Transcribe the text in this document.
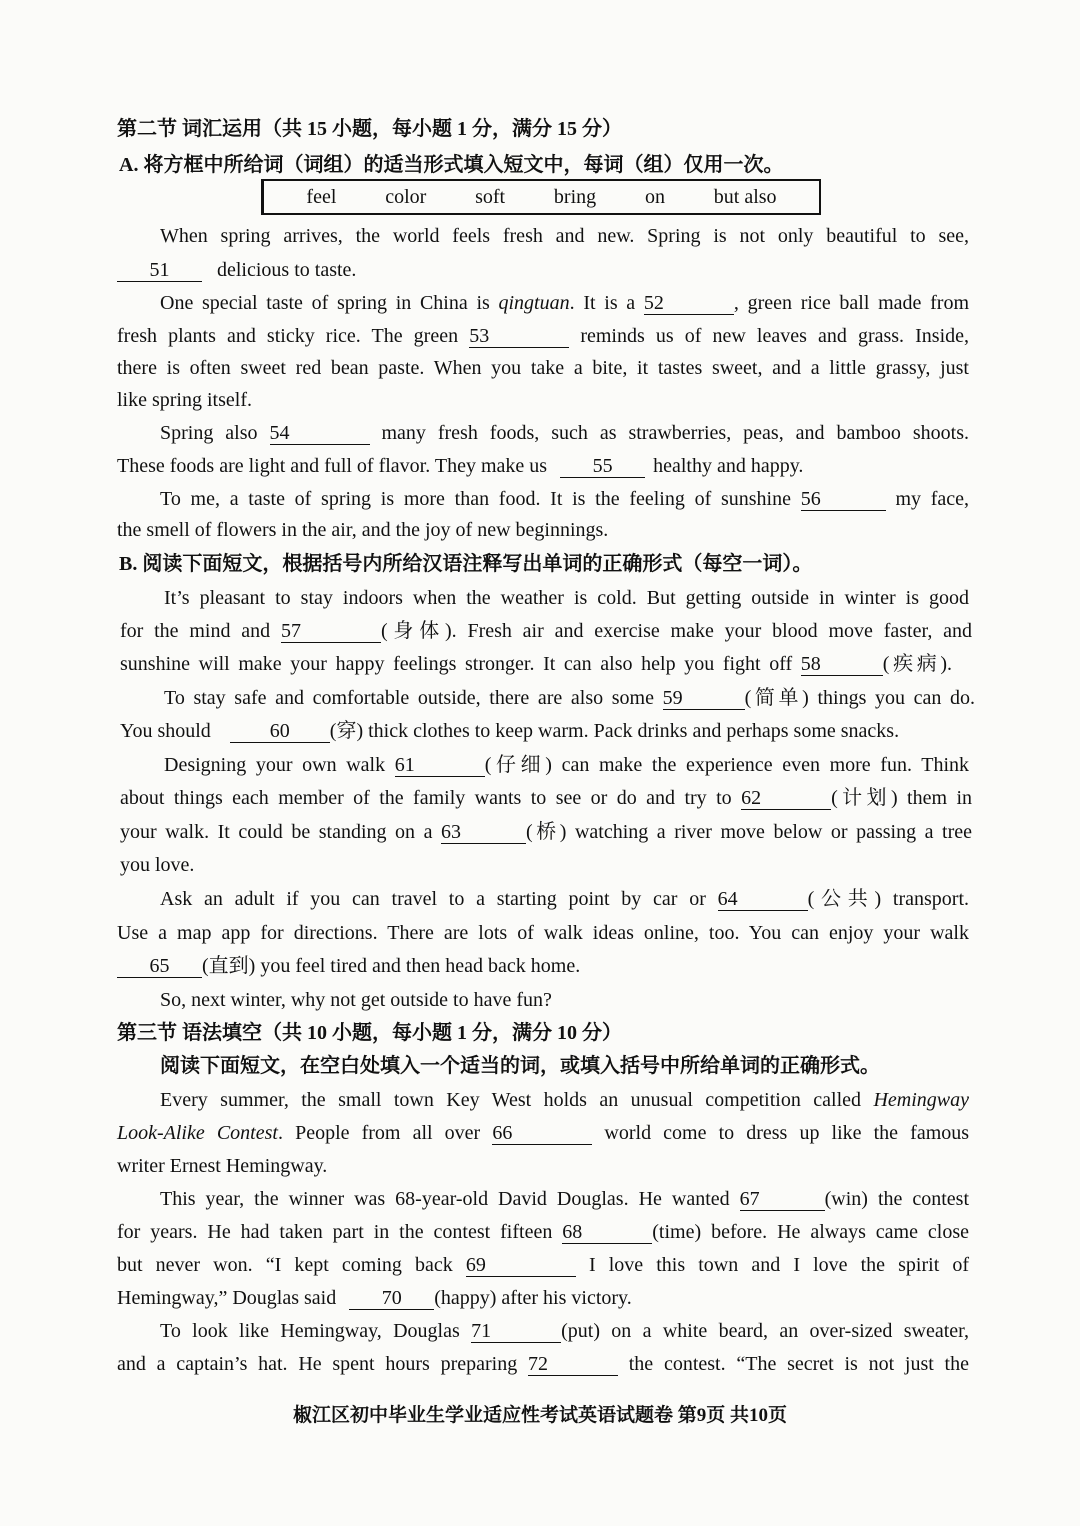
第二节 词汇运用（共 15 小题，每小题 1 分，满分 15 分）
A. 将方框中所给词（词组）的适当形式填入短文中，每词（组）仅用一次。
feel color soft bring on but also
When spring arrives, the world feels fresh and new. Spring is not only beautiful to see,
51 delicious to taste.
One special taste of spring in China is qingtuan. It is a 52	, green rice ball made from
fresh plants and sticky rice. The green 53	reminds us of new leaves and grass. Inside,
there is often sweet red bean paste. When you take a bite, it tastes sweet, and a little grassy, just
like spring itself.
Spring also 54	many fresh foods, such as strawberries, peas, and bamboo shoots.
These foods are light and full of flavor. They make us 55 healthy and happy.
To me, a taste of spring is more than food. It is the feeling of sunshine 56	my face,
the smell of flowers in the air, and the joy of new beginnings.
B. 阅读下面短文，根据括号内所给汉语注释写出单词的正确形式（每空一词）。
It’s pleasant to stay indoors when the weather is cold. But getting outside in winter is good
for the mind and 57	(身体). Fresh air and exercise make your blood move faster, and
sunshine will make your happy feelings stronger. It can also help you fight off 58	(疾病).
To stay safe and comfortable outside, there are also some 59	(简单) things you can do.
You should	60 (穿) thick clothes to keep warm. Pack drinks and perhaps some snacks.
Designing your own walk 61	(仔细) can make the experience even more fun. Think
about things each member of the family wants to see or do and try to 62	(计划) them in
your walk. It could be standing on a 63	(桥) watching a river move below or passing a tree
you love.
Ask an adult if you can travel to a starting point by car or 64	(公共) transport.
Use a map app for directions. There are lots of walk ideas online, too. You can enjoy your walk
65 (直到) you feel tired and then head back home.
So, next winter, why not get outside to have fun?
第三节 语法填空（共 10 小题，每小题 1 分，满分 10 分）
阅读下面短文，在空白处填入一个适当的词，或填入括号中所给单词的正确形式。
Every summer, the small town Key West holds an unusual competition called Hemingway
Look-Alike Contest. People from all over 66	world come to dress up like the famous
writer Ernest Hemingway.
This year, the winner was 68-year-old David Douglas. He wanted 67	(win) the contest
for years. He had taken part in the contest fifteen 68	(time) before. He always came close
but never won. “I kept coming back 69	I love this town and I love the spirit of
Hemingway,” Douglas said 70 (happy) after his victory.
To look like Hemingway, Douglas 71	(put) on a white beard, an over-sized sweater,
and a captain’s hat. He spent hours preparing 72	the contest. “The secret is not just the
椒江区初中毕业生学业适应性考试英语试题卷 第9页 共10页
